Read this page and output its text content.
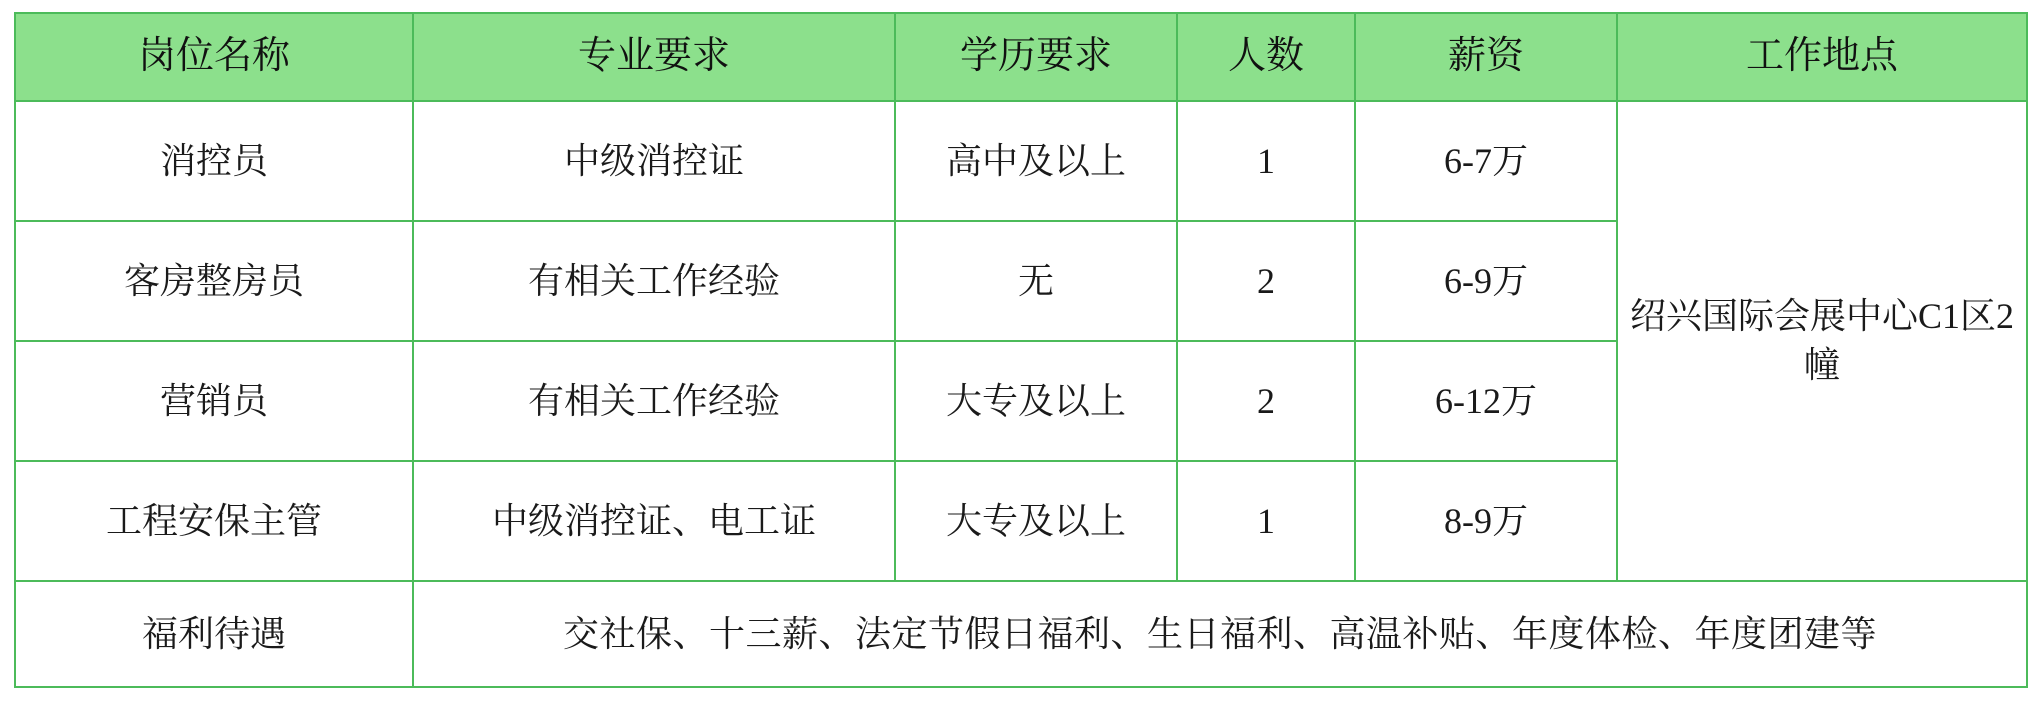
岗位名称	专业要求	学历要求	人数	薪资	工作地点
消控员	中级消控证	高中及以上	1	6-7万	绍兴国际会展中心C1区2幢
客房整房员	有相关工作经验	无	2	6-9万	
营销员	有相关工作经验	大专及以上	2	6-12万	
工程安保主管	中级消控证、电工证	大专及以上	1	8-9万	
福利待遇	交社保、十三薪、法定节假日福利、生日福利、高温补贴、年度体检、年度团建等				
